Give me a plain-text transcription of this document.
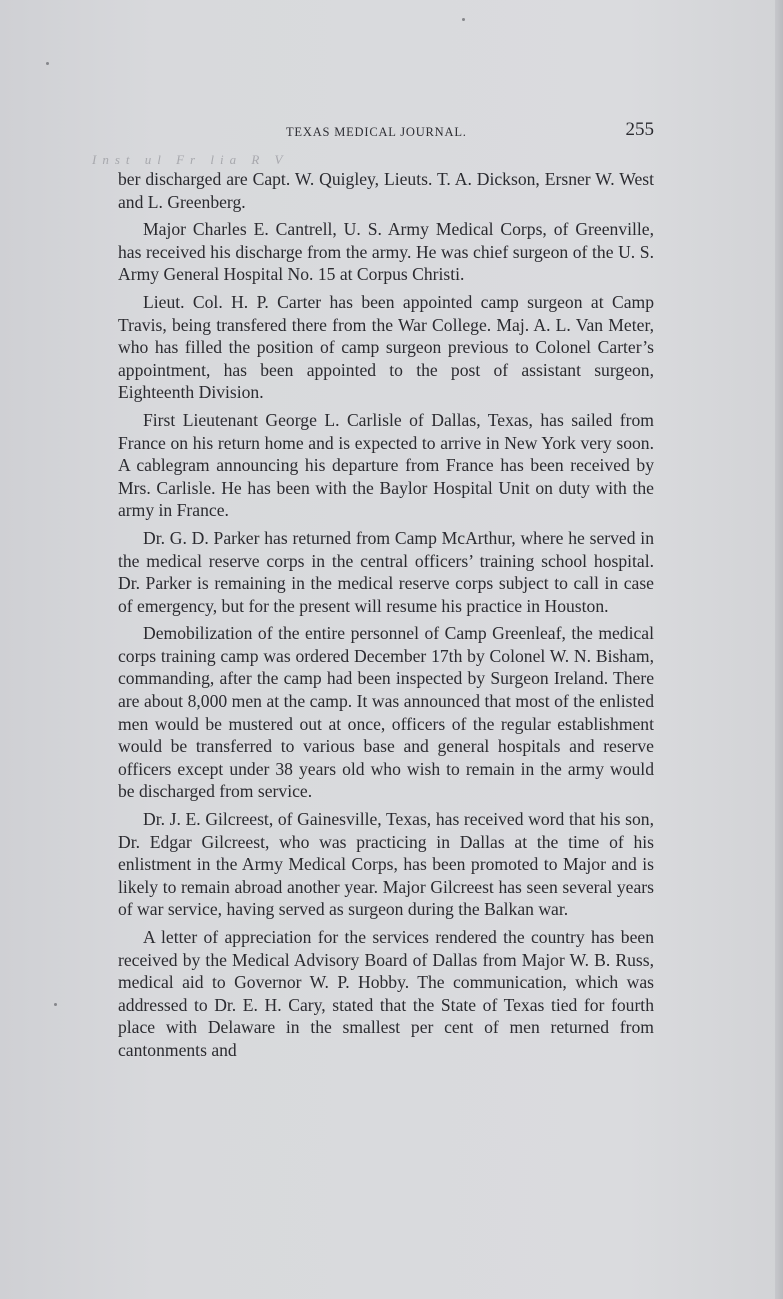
TEXAS MEDICAL JOURNAL.	255
Inst ul Fr lia R V

ber discharged are Capt. W. Quigley, Lieuts. T. A. Dickson, Ersner W. West and L. Greenberg.

Major Charles E. Cantrell, U. S. Army Medical Corps, of Greenville, has received his discharge from the army. He was chief surgeon of the U. S. Army General Hospital No. 15 at Corpus Christi.

Lieut. Col. H. P. Carter has been appointed camp surgeon at Camp Travis, being transfered there from the War College. Maj. A. L. Van Meter, who has filled the position of camp surgeon previous to Colonel Carter’s appointment, has been appointed to the post of assistant surgeon, Eighteenth Division.

First Lieutenant George L. Carlisle of Dallas, Texas, has sailed from France on his return home and is expected to arrive in New York very soon. A cablegram announcing his departure from France has been received by Mrs. Carlisle. He has been with the Baylor Hospital Unit on duty with the army in France.

Dr. G. D. Parker has returned from Camp McArthur, where he served in the medical reserve corps in the central officers’ training school hospital. Dr. Parker is remaining in the medical reserve corps subject to call in case of emergency, but for the present will resume his practice in Houston.

Demobilization of the entire personnel of Camp Greenleaf, the medical corps training camp was ordered December 17th by Colonel W. N. Bisham, commanding, after the camp had been inspected by Surgeon Ireland. There are about 8,000 men at the camp. It was announced that most of the enlisted men would be mustered out at once, officers of the regular establishment would be transferred to various base and general hospitals and reserve officers except under 38 years old who wish to remain in the army would be discharged from service.

Dr. J. E. Gilcreest, of Gainesville, Texas, has received word that his son, Dr. Edgar Gilcreest, who was practicing in Dallas at the time of his enlistment in the Army Medical Corps, has been promoted to Major and is likely to remain abroad another year. Major Gilcreest has seen several years of war service, having served as surgeon during the Balkan war.

A letter of appreciation for the services rendered the country has been received by the Medical Advisory Board of Dallas from Major W. B. Russ, medical aid to Governor W. P. Hobby. The communication, which was addressed to Dr. E. H. Cary, stated that the State of Texas tied for fourth place with Delaware in the smallest per cent of men returned from cantonments and
